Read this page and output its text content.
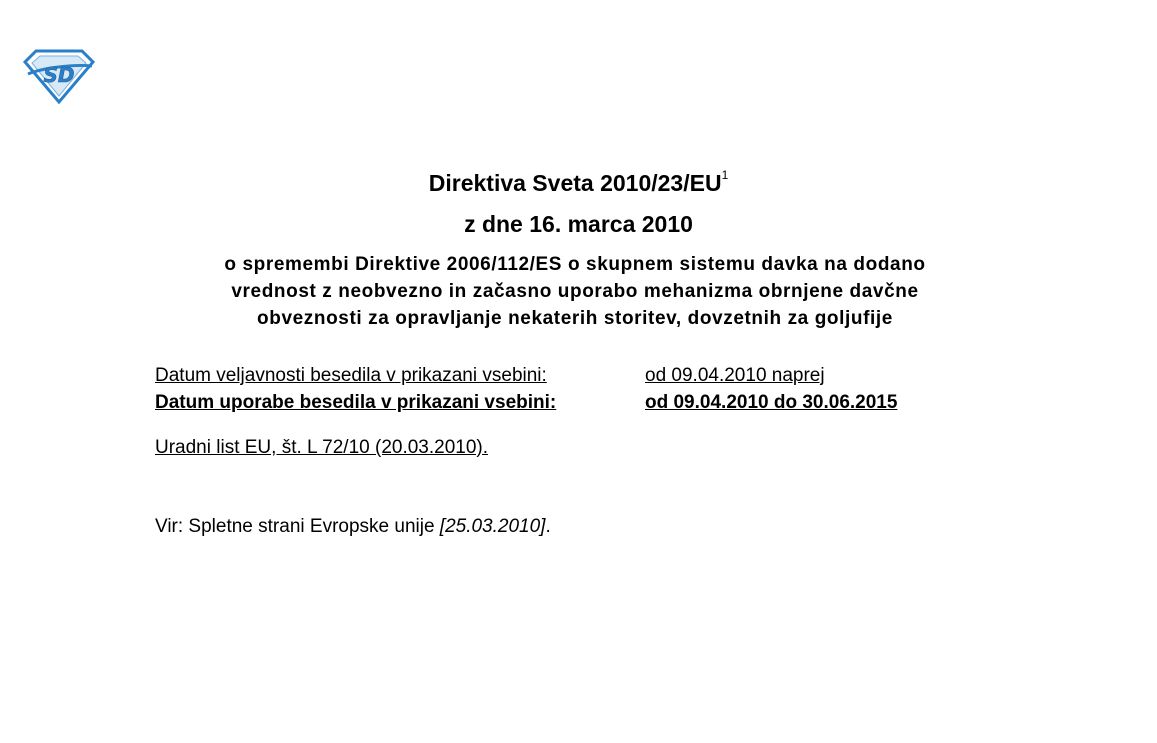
SD
Direktiva Sveta $2010/23/EU^1$
z dne 16. marca 2010
o spremembi Direktive 2006/112/ES o skupnem sistemu davka na dodano
vrednost z neobvezno in začasno uporabo mehanizma obrnjene davčne
obveznosti za opravljanje nekaterih storitev, dovzetnih za goljufije
Datum veljavnosti besedila v prikazani vsebini:	od 09.04.2010 naprej
Datum uporabe besedila v prikazani vsebini:	od 09.04.2010 do 30.06.2015
Uradni list EU, št. L 72/10 (20.03.2010).
Vir: Spletne strani Evropske unije [25.03.2010].
